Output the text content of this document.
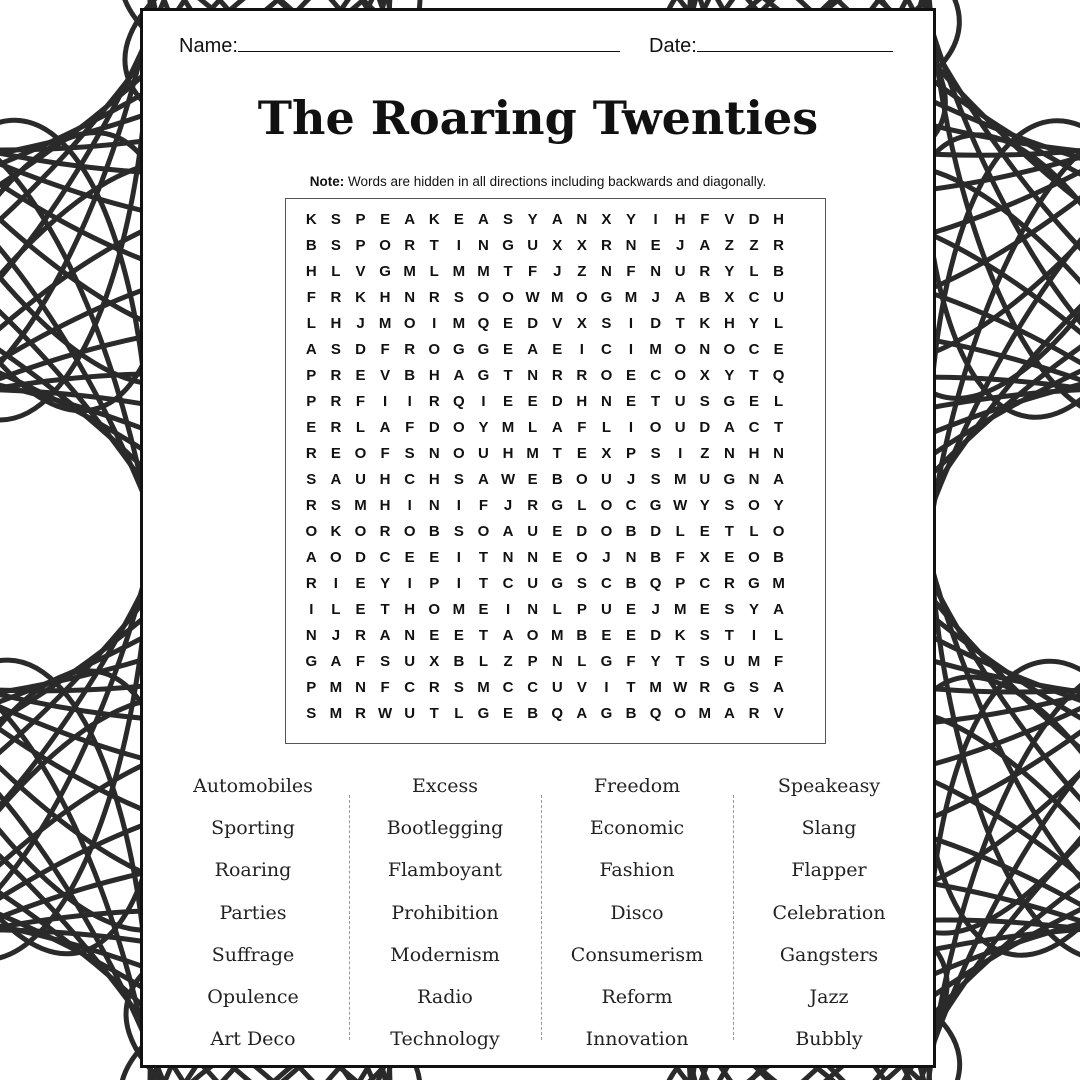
Name:	Date:
The Roaring Twenties
Note: Words are hidden in all directions including backwards and diagonally.
K S P E A K E A S Y A N X Y	I	H F	V D H
B S P O R T	I	N G U X X R N E	J	A Z	Z R
H L	V G M L M M T	F	J	Z N F N U R Y	L B
F R K H N R S O O W M O G M J	A B X C U
L H	J M O	I	M Q E D V X S	I	D T K H Y	L
A S D F R O G G E A E	I	C	I	M O N O C E
P R E V B H A G T N R R O E C O X Y	T Q
P R F	I	I	R Q	I	E E D H N E	T U S G E	L
E R L A F D O Y M L A F	L	I	O U D A C T
R E O F	S N O U H M T	E X P S	I	Z N H N
S A U H C H S A W E B O U	J	S M U G N A
R S M H	I	N	I	F	J	R G L O C G W Y S O Y
O K O R O B S O A U E D O B D L	E	T	L O
A O D C E E	I	T N N E O J	N B F	X E O B
R	I	E Y	I	P	I	T C U G S C B Q P C R G M
I	L	E	T H O M E	I	N L	P U E	J M E S Y A
N	J	R A N E E	T A O M B E E D K S	T	I	L
G A F	S U X B L	Z	P N L G F	Y	T	S U M F
P M N F C R S M C C U V	I	T M W R G S A
S M R W U T	L G E B Q A G B Q O M A R V
Automobiles
Sporting
Roaring
Parties
Suffrage
Opulence
Art Deco
Excess
Bootlegging
Flamboyant
Prohibition
Modernism
Radio
Technology
Freedom
Economic
Fashion
Disco
Consumerism
Reform
Innovation
Speakeasy
Slang
Flapper
Celebration
Gangsters
Jazz
Bubbly
